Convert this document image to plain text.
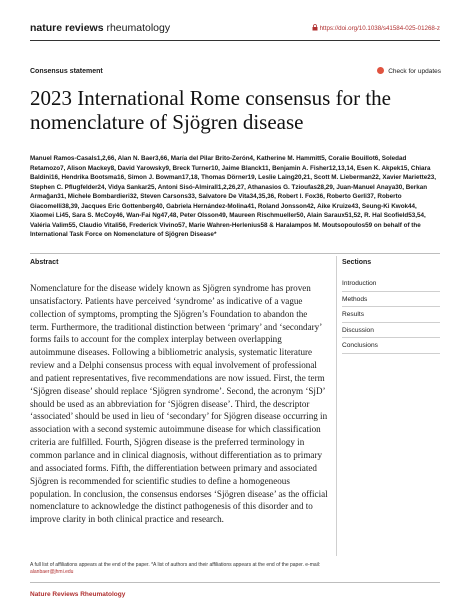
nature reviews rheumatology	https://doi.org/10.1038/s41584-025-01268-z
Consensus statement	Check for updates
2023 International Rome consensus for the nomenclature of Sjögren disease
Manuel Ramos-Casals1,2,66, Alan N. Baer3,66, María del Pilar Brito-Zerón4, Katherine M. Hammitt5, Coralie Bouillot6, Soledad Retamozo7, Alison Mackey8, David Yarowsky9, Breck Turner10, Jaime Blanck11, Benjamin A. Fisher12,13,14, Esen K. Akpek15, Chiara Baldini16, Hendrika Bootsma16, Simon J. Bowman17,18, Thomas Dörner19, Leslie Laing20,21, Scott M. Lieberman22, Xavier Mariette23, Stephen C. Pflugfelder24, Vidya Sankar25, Antoni Sisó-Almirall1,2,26,27, Athanasios G. Tzioufas28,29, Juan-Manuel Anaya30, Berkan Armağan31, Michele Bombardieri32, Steven Carsons33, Salvatore De Vita34,35,36, Robert I. Fox36, Roberto Gerli37, Roberto Giacomelli38,39, Jacques Eric Gottenberg40, Gabriela Hernández-Molina41, Roland Jonsson42, Aike Kruize43, Seung-Ki Kwok44, Xiaomei Li45, Sara S. McCoy46, Wan-Fai Ng47,48, Peter Olsson49, Maureen Rischmueller50, Alain Saraux51,52, R. Hal Scofield53,54, Valéria Valim55, Claudio Vitali56, Frederick Vivino57, Marie Wahren-Herlenius58 & Haralampos M. Moutsopoulos59 on behalf of the International Task Force on Nomenclature of Sjögren Disease*
Abstract	Sections

Nomenclature for the disease widely known as Sjögren syndrome has proven unsatisfactory. Patients have perceived ‘syndrome’ as indicative of a vague collection of symptoms, prompting the Sjögren’s Foundation to abandon the term. Furthermore, the traditional distinction between ‘primary’ and ‘secondary’ forms fails to account for the complex interplay between overlapping autoimmune diseases. Following a bibliometric analysis, systematic literature review and a Delphi consensus process with equal involvement of professional and patient representatives, five recommendations are now issued. First, the term ‘Sjögren disease’ should replace ‘Sjögren syndrome’. Second, the acronym ‘SjD’ should be used as an abbreviation for ‘Sjögren disease’. Third, the descriptor ‘associated’ should be used in lieu of ‘secondary’ for Sjögren disease occurring in association with a second systemic autoimmune disease for which classification criteria are fulfilled. Fourth, Sjögren disease is the preferred terminology in common parlance and in clinical diagnosis, without differentiation as to primary and associated forms. Fifth, the differentiation between primary and associated Sjögren is recommended for scientific studies to define a homogeneous population. In conclusion, the consensus endorses ‘Sjögren disease’ as the official nomenclature to acknowledge the distinct pathogenesis of this disorder and to improve clarity in both clinical practice and research.

Introduction
Methods
Results
Discussion
Conclusions
A full list of affiliations appears at the end of the paper. *A list of authors and their affiliations appears at the end of the paper. e-mail: alanbaer@jhmi.edu
Nature Reviews Rheumatology
